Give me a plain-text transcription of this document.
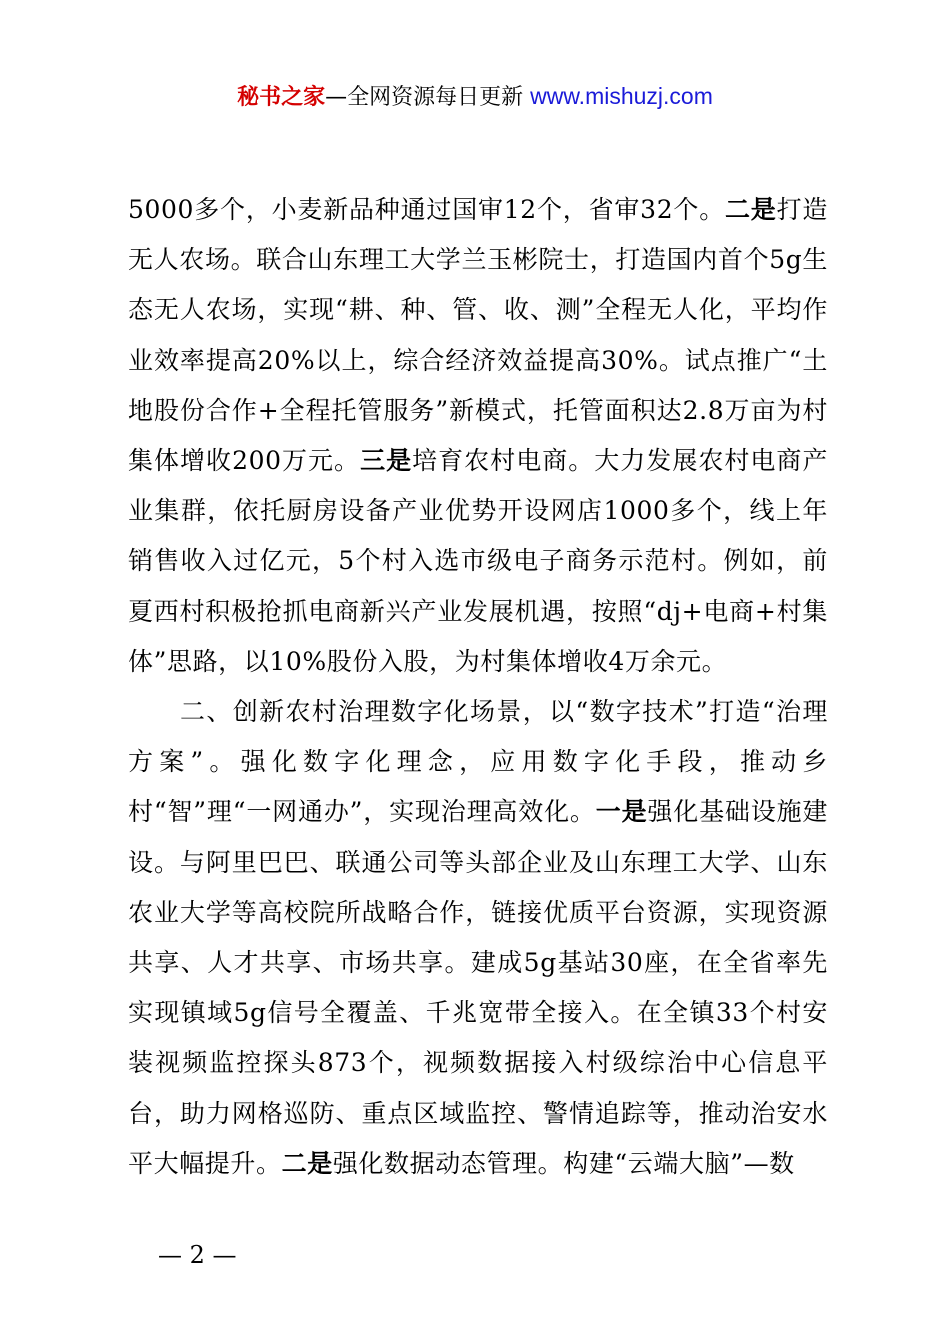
秘书之家—全网资源每日更新 www.mishuzj.com

5000多个，小麦新品种通过国审12个，省审32个。二是打造无人农场。联合山东理工大学兰玉彬院士，打造国内首个5g生态无人农场，实现“耕、种、管、收、测”全程无人化，平均作业效率提高20%以上，综合经济效益提高30%。试点推广“土地股份合作+全程托管服务”新模式，托管面积达2.8万亩为村集体增收200万元。三是培育农村电商。大力发展农村电商产业集群，依托厨房设备产业优势开设网店1000多个，线上年销售收入过亿元，5个村入选市级电子商务示范村。例如，前夏西村积极抢抓电商新兴产业发展机遇，按照“dj+电商+村集体”思路，以10%股份入股，为村集体增收4万余元。

二、创新农村治理数字化场景，以“数字技术”打造“治理方案”。强化数字化理念，应用数字化手段，推动乡村“智”理“一网通办”，实现治理高效化。一是强化基础设施建设。与阿里巴巴、联通公司等头部企业及山东理工大学、山东农业大学等高校院所战略合作，链接优质平台资源，实现资源共享、人才共享、市场共享。建成5g基站30座，在全省率先实现镇域5g信号全覆盖、千兆宽带全接入。在全镇33个村安装视频监控探头873个，视频数据接入村级综治中心信息平台，助力网格巡防、重点区域监控、警情追踪等，推动治安水平大幅提升。二是强化数据动态管理。构建“云端大脑”—数

— 2 —
